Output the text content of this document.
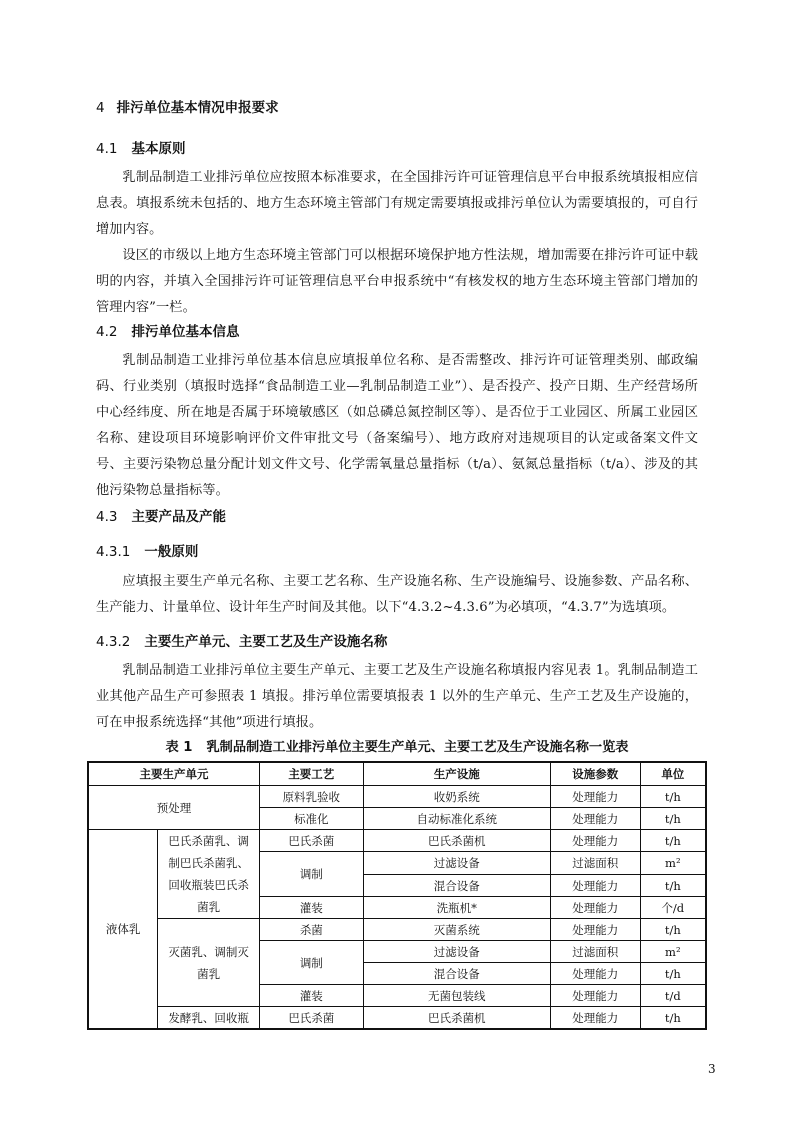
4 排污单位基本情况申报要求
4.1 基本原则
乳制品制造工业排污单位应按照本标准要求，在全国排污许可证管理信息平台申报系统填报相应信息表。填报系统未包括的、地方生态环境主管部门有规定需要填报或排污单位认为需要填报的，可自行增加内容。
设区的市级以上地方生态环境主管部门可以根据环境保护地方性法规，增加需要在排污许可证中载明的内容，并填入全国排污许可证管理信息平台申报系统中“有核发权的地方生态环境主管部门增加的管理内容”一栏。
4.2 排污单位基本信息
乳制品制造工业排污单位基本信息应填报单位名称、是否需整改、排污许可证管理类别、邮政编码、行业类别（填报时选择“食品制造工业—乳制品制造工业”）、是否投产、投产日期、生产经营场所中心经纬度、所在地是否属于环境敏感区（如总磷总氮控制区等）、是否位于工业园区、所属工业园区名称、建设项目环境影响评价文件审批文号（备案编号）、地方政府对违规项目的认定或备案文件文号、主要污染物总量分配计划文件文号、化学需氧量总量指标（t/a）、氨氮总量指标（t/a）、涉及的其他污染物总量指标等。
4.3 主要产品及产能
4.3.1 一般原则
应填报主要生产单元名称、主要工艺名称、生产设施名称、生产设施编号、设施参数、产品名称、生产能力、计量单位、设计年生产时间及其他。以下“4.3.2~4.3.6”为必填项，“4.3.7”为选填项。
4.3.2 主要生产单元、主要工艺及生产设施名称
乳制品制造工业排污单位主要生产单元、主要工艺及生产设施名称填报内容见表 1。乳制品制造工业其他产品生产可参照表 1 填报。排污单位需要填报表 1 以外的生产单元、生产工艺及生产设施的，可在申报系统选择“其他”项进行填报。
表 1 乳制品制造工业排污单位主要生产单元、主要工艺及生产设施名称一览表
主要生产单元		主要工艺	生产设施	设施参数	单位
预处理		原料乳验收	收奶系统	处理能力	t/h
		标准化	自动标准化系统	处理能力	t/h
液体乳	巴氏杀菌乳、调制巴氏杀菌乳、回收瓶装巴氏杀菌乳	巴氏杀菌	巴氏杀菌机	处理能力	t/h
		调制	过滤设备	过滤面积	m²
			混合设备	处理能力	t/h
		灌装	洗瓶机*	处理能力	个/d
	灭菌乳、调制灭菌乳	杀菌	灭菌系统	处理能力	t/h
		调制	过滤设备	过滤面积	m²
			混合设备	处理能力	t/h
		灌装	无菌包装线	处理能力	t/d
	发酵乳、回收瓶	巴氏杀菌	巴氏杀菌机	处理能力	t/h
3
